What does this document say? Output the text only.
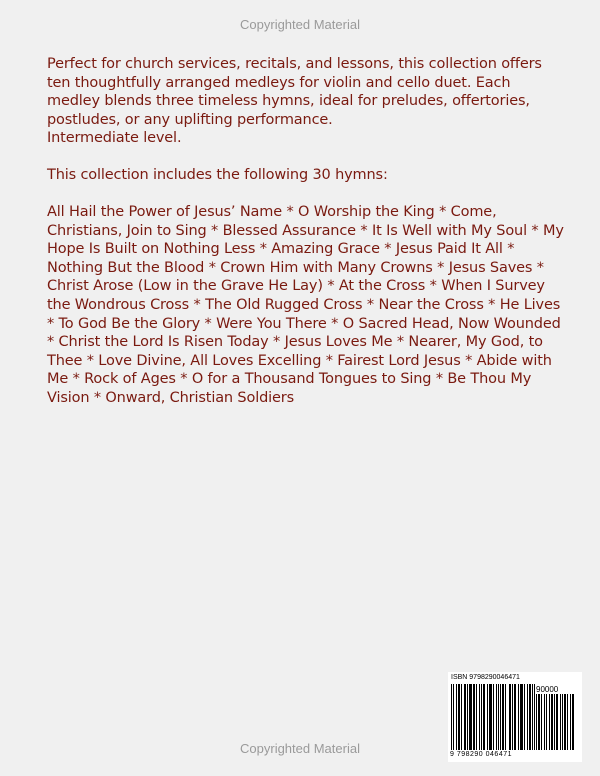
Copyrighted Material

Perfect for church services, recitals, and lessons, this collection offers ten thoughtfully arranged medleys for violin and cello duet. Each medley blends three timeless hymns, ideal for preludes, offertories, postludes, or any uplifting performance.

Intermediate level.

This collection includes the following 30 hymns:

All Hail the Power of Jesus’ Name * O Worship the King * Come, Christians, Join to Sing * Blessed Assurance * It Is Well with My Soul * My Hope Is Built on Nothing Less * Amazing Grace * Jesus Paid It All * Nothing But the Blood * Crown Him with Many Crowns * Jesus Saves * Christ Arose (Low in the Grave He Lay) * At the Cross * When I Survey the Wondrous Cross * The Old Rugged Cross * Near the Cross * He Lives * To God Be the Glory * Were You There * O Sacred Head, Now Wounded * Christ the Lord Is Risen Today * Jesus Loves Me * Nearer, My God, to Thee * Love Divine, All Loves Excelling * Fairest Lord Jesus * Abide with Me * Rock of Ages * O for a Thousand Tongues to Sing * Be Thou My Vision * Onward, Christian Soldiers

ISBN 9798290046471
90000
9 798290 046471
Copyrighted Material
